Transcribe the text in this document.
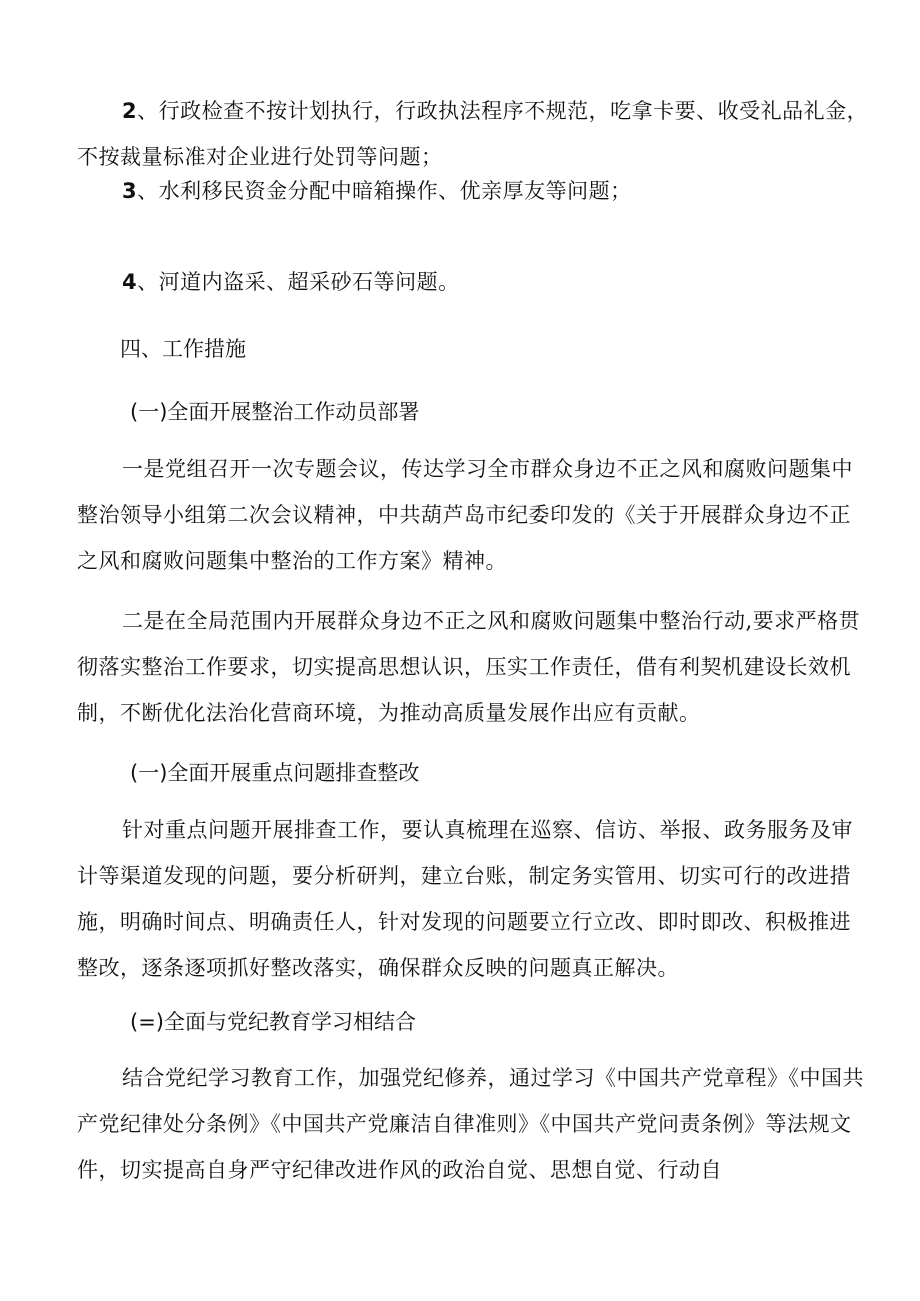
2、行政检查不按计划执行，行政执法程序不规范，吃拿卡要、收受礼品礼金，不按裁量标准对企业进行处罚等问题；

3、水利移民资金分配中暗箱操作、优亲厚友等问题；

4、河道内盗采、超采砂石等问题。

四、工作措施

(一)全面开展整治工作动员部署

一是党组召开一次专题会议，传达学习全市群众身边不正之风和腐败问题集中整治领导小组第二次会议精神，中共葫芦岛市纪委印发的《关于开展群众身边不正之风和腐败问题集中整治的工作方案》精神。

二是在全局范围内开展群众身边不正之风和腐败问题集中整治行动,要求严格贯彻落实整治工作要求，切实提高思想认识，压实工作责任，借有利契机建设长效机制，不断优化法治化营商环境，为推动高质量发展作出应有贡献。

(一)全面开展重点问题排查整改

针对重点问题开展排查工作，要认真梳理在巡察、信访、举报、政务服务及审计等渠道发现的问题，要分析研判，建立台账，制定务实管用、切实可行的改进措施，明确时间点、明确责任人，针对发现的问题要立行立改、即时即改、积极推进整改，逐条逐项抓好整改落实，确保群众反映的问题真正解决。

(=)全面与党纪教育学习相结合

结合党纪学习教育工作，加强党纪修养，通过学习《中国共产党章程》《中国共产党纪律处分条例》《中国共产党廉洁自律准则》《中国共产党问责条例》等法规文件，切实提高自身严守纪律改进作风的政治自觉、思想自觉、行动自
